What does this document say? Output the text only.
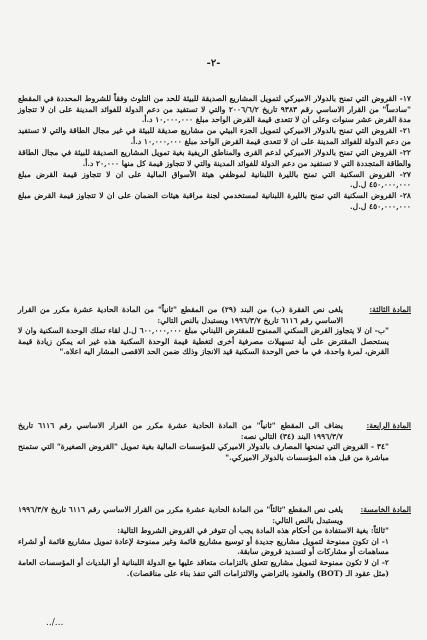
-٢-
١٧- القروض التي تمنح بالدولار الاميركي لتمويل المشاريع الصديقة للبيئة للحد من التلوث وفقاً للشروط المحددة في المقطع "سادساً" من القرار الاساسي رقم ٩٣٨٣ تاريخ ٢٠٠٦/٦/٢ والتي لا تستفيد من دعم الدولة للفوائد المدينة على ان لا تتجاوز مدة القرض عشر سنوات وعلى ان لا تتعدى قيمة القرض الواحد مبلغ ١٠,٠٠٠,٠٠٠ د.أ.
٢١- القروض التي تمنح بالدولار الاميركي لتمويل الجزء البيئي من مشاريع صديقة للبيئة في غير مجال الطاقة والتي لا تستفيد من دعم الدولة للفوائد المدينة على ان لا تتعدى قيمة القرض الواحد مبلغ ١٠,٠٠٠,٠٠٠ د.أ.
٢٢- القروض التي تمنح بالدولار الاميركي لدعم القرى والمناطق الريفية بغية تمويل المشاريع الصديقة للبيئة في مجال الطاقة والطاقة المتجددة التي لا تستفيد من دعم الدولة للفوائد المدينة والتي لا تتجاوز قيمة كل منها ٢٠,٠٠٠ د.أ.
٢٧- القروض السكنية التي تمنح بالليرة اللبنانية لموظفي هيئة الأسواق المالية على ان لا تتجاوز قيمة القرض مبلغ ٤٥٠,٠٠٠,٠٠٠ ل.ل.
٢٨- القروض السكنية التي تمنح بالليرة اللبنانية لمستخدمي لجنة مراقبة هيئات الضمان على ان لا تتجاوز قيمة القرض مبلغ ٤٥٠,٠٠٠,٠٠٠ ل.ل.
المادة الثالثة:
يلغى نص الفقرة (ب) من البند (٢٩) من المقطع "ثانياً" من المادة الحادية عشرة مكرر من القرار الاساسي رقم ٦١١٦ تاريخ ١٩٩٦/٣/٧ ويستبدل بالنص التالي:
"ب- ان لا يتجاوز القرض السكني الممنوح للمقترض اللبناني مبلغ ٦٠٠,٠٠٠,٠٠٠ ل.ل لقاء تملك الوحدة السكنية وان لا يستحصل المقترض على أية تسهيلات مصرفية أخرى لتغطية قيمة الوحدة السكنية هذه غير انه يمكن زيادة قيمة القرض، لمرة واحدة، في ما خص الوحدة السكنية قيد الانجاز وذلك ضمن الحد الاقصى المشار اليه اعلاه."
المادة الرابعة:
يضاف الى المقطع "ثانياً" من المادة الحادية عشرة مكرر من القرار الاساسي رقم ٦١١٦ تاريخ ١٩٩٦/٣/٧ البند (٣٤) التالي نصه:
"٣٤ - القروض التي تمنحها المصارف بالدولار الاميركي للمؤسسات المالية بغية تمويل "القروض الصغيرة" التي ستمنح مباشرة من قبل هذه المؤسسات بالدولار الاميركي."
المادة الخامسة:
يلغى نص المقطع "ثالثاً" من المادة الحادية عشرة مكرر من القرار الاساسي رقم ٦١١٦ تاريخ ١٩٩٦/٣/٧ ويستبدل بالنص التالي:
"ثالثاً: بغية الاستفادة من أحكام هذه المادة يجب أن تتوفر في القروض الشروط التالية:
١- ان تكون ممنوحة لتمويل مشاريع جديدة أو توسيع مشاريع قائمة وغير ممنوحة لإعادة تمويل مشاريع قائمة أو لشراء مساهمات أو مشاركات أو لتسديد قروض سابقة.
٢- ان لا تكون ممنوحة لتمويل مشاريع تتعلق بالتزامات متعاقد عليها مع الدولة اللبنانية أو البلديات أو المؤسسات العامة (مثل عقود الـ (BOT) والعقود بالتراضي والالتزامات التي تنفذ بناء على مناقصات).
../...
